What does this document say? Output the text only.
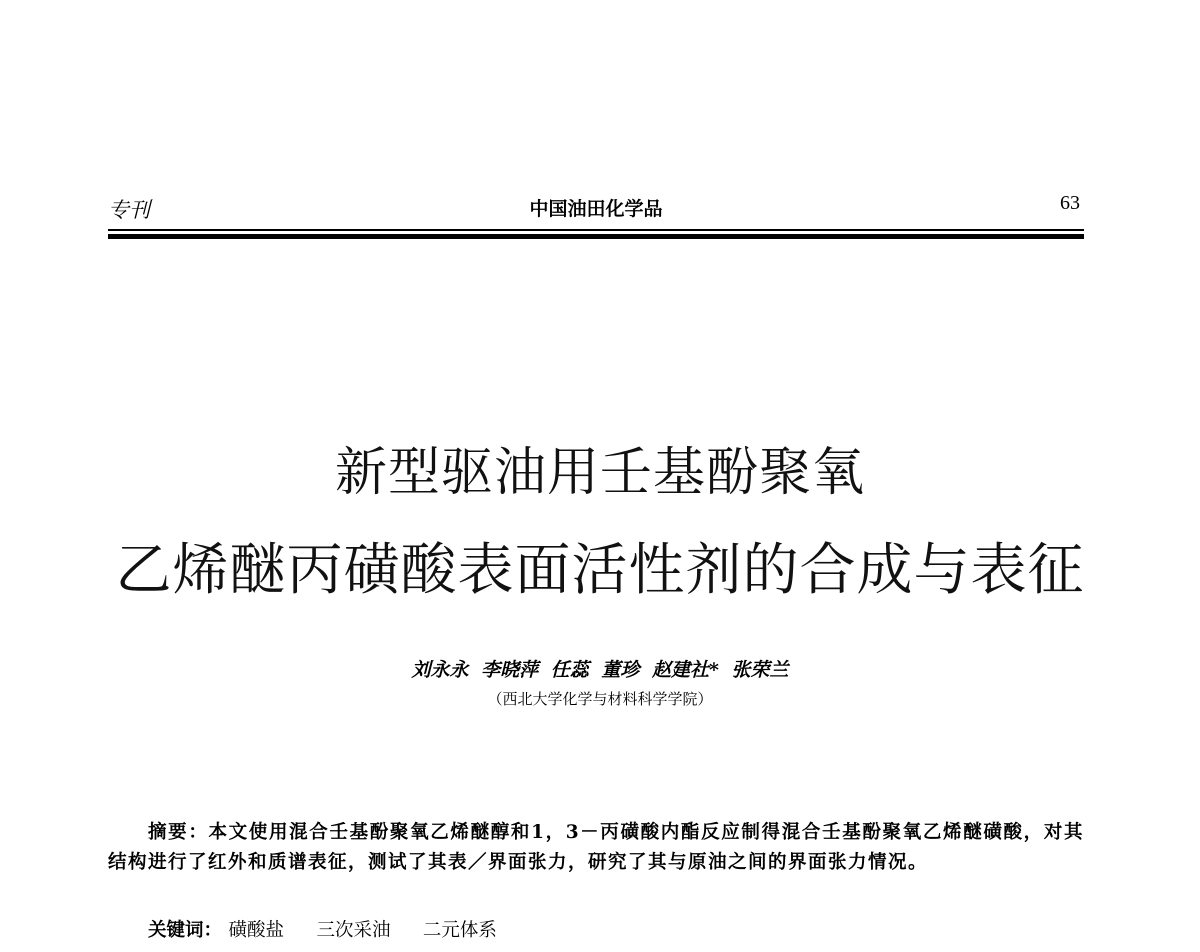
专刊	中国油田化学品	63
新型驱油用壬基酚聚氧
乙烯醚丙磺酸表面活性剂的合成与表征
刘永永 李晓萍 任蕊 董珍 赵建社* 张荣兰
（西北大学化学与材料科学学院）
摘要：本文使用混合壬基酚聚氧乙烯醚醇和1，3－丙磺酸内酯反应制得混合壬基酚聚氧乙烯醚磺酸，对其结构进行了红外和质谱表征，测试了其表／界面张力，研究了其与原油之间的界面张力情况。
关键词： 磺酸盐 三次采油 二元体系
